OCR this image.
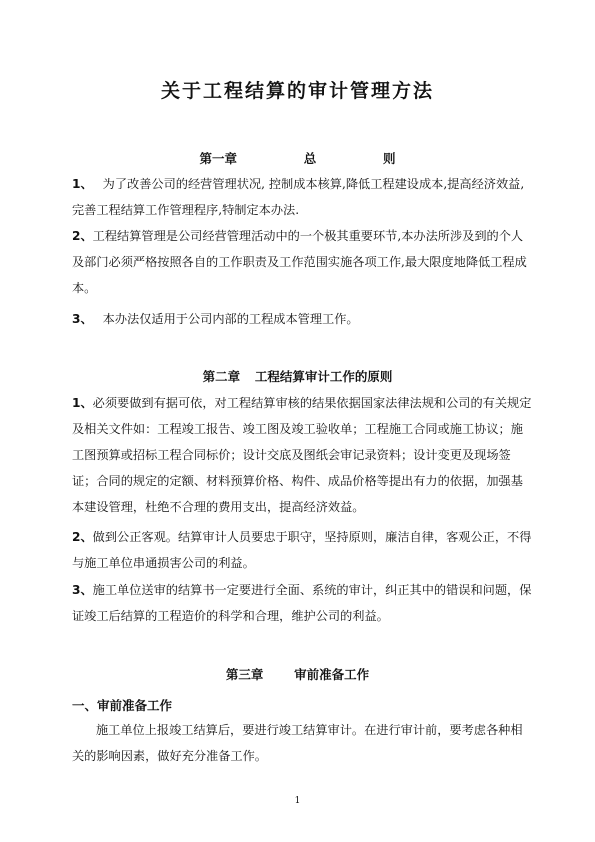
关于工程结算的审计管理方法
第一章	总	则
1、 为了改善公司的经营管理状况, 控制成本核算,降低工程建设成本,提高经济效益,完善工程结算工作管理程序,特制定本办法.
2、工程结算管理是公司经营管理活动中的一个极其重要环节,本办法所涉及到的个人及部门必须严格按照各自的工作职责及工作范围实施各项工作,最大限度地降低工程成本。
3、 本办法仅适用于公司内部的工程成本管理工作。
第二章 工程结算审计工作的原则
1、必须要做到有据可依，对工程结算审核的结果依据国家法律法规和公司的有关规定及相关文件如：工程竣工报告、竣工图及竣工验收单；工程施工合同或施工协议；施工图预算或招标工程合同标价；设计交底及图纸会审记录资料；设计变更及现场签证；合同的规定的定额、材料预算价格、构件、成品价格等提出有力的依据，加强基本建设管理，杜绝不合理的费用支出，提高经济效益。
2、做到公正客观。结算审计人员要忠于职守，坚持原则，廉洁自律，客观公正，不得与施工单位串通损害公司的利益。
3、施工单位送审的结算书一定要进行全面、系统的审计，纠正其中的错误和问题，保证竣工后结算的工程造价的科学和合理，维护公司的利益。
第三章 审前准备工作
一、审前准备工作
施工单位上报竣工结算后，要进行竣工结算审计。在进行审计前，要考虑各种相关的影响因素，做好充分准备工作。
1
